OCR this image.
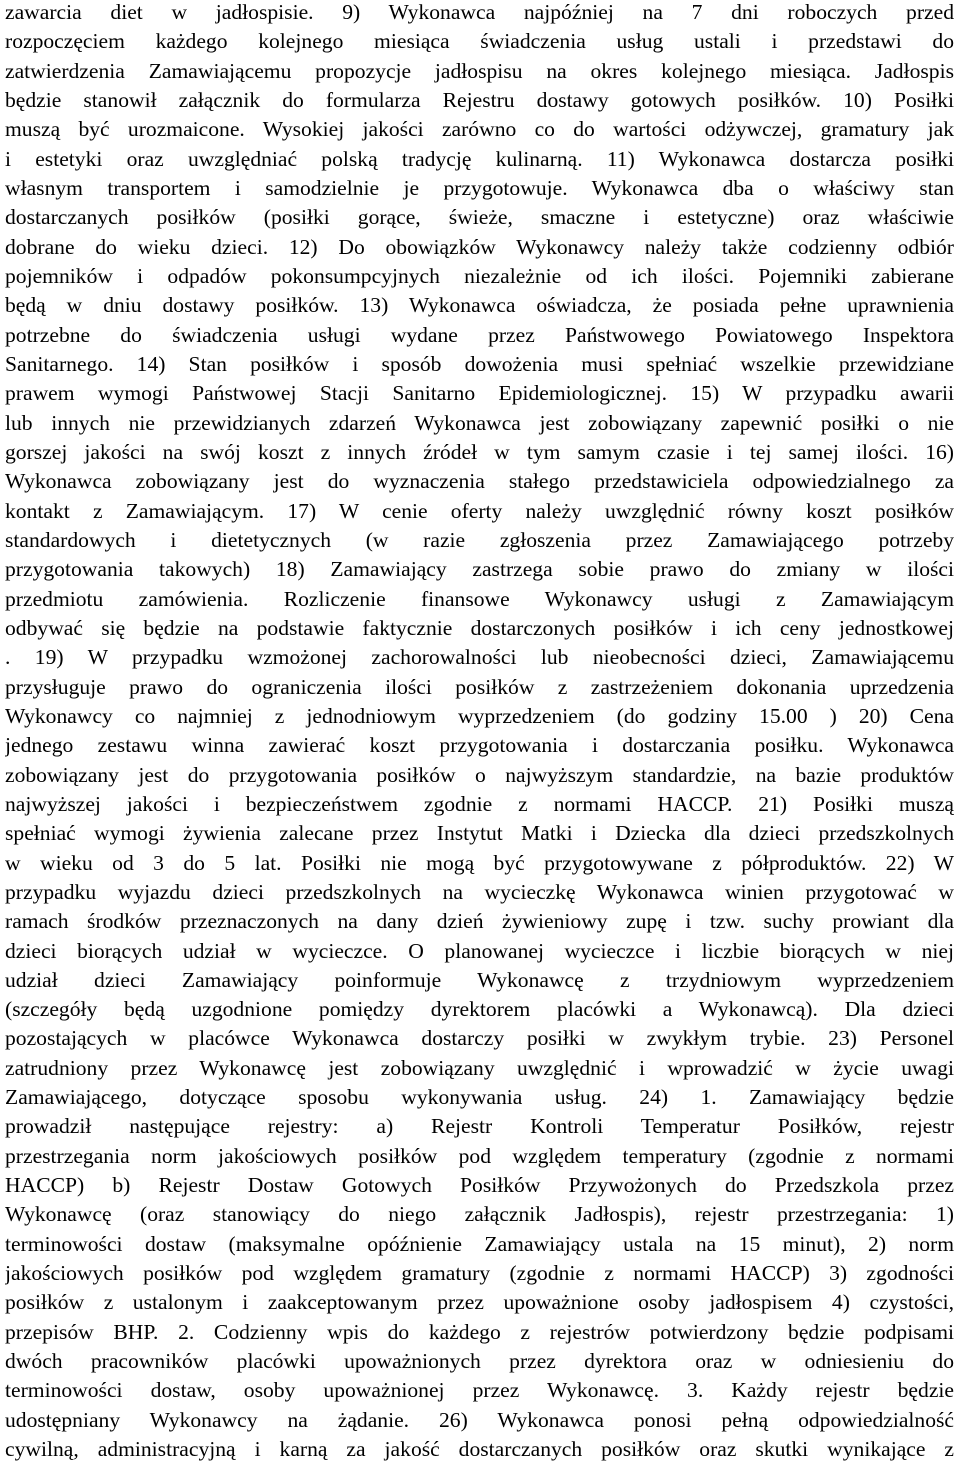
zawarcia diet w jadłospisie. 9) Wykonawca najpóźniej na 7 dni roboczych przed
rozpoczęciem każdego kolejnego miesiąca świadczenia usług ustali i przedstawi do
zatwierdzenia Zamawiającemu propozycje jadłospisu na okres kolejnego miesiąca. Jadłospis
będzie stanowił załącznik do formularza Rejestru dostawy gotowych posiłków. 10) Posiłki
muszą być urozmaicone. Wysokiej jakości zarówno co do wartości odżywczej, gramatury jak
i estetyki oraz uwzględniać polską tradycję kulinarną. 11) Wykonawca dostarcza posiłki
własnym transportem i samodzielnie je przygotowuje. Wykonawca dba o właściwy stan
dostarczanych posiłków (posiłki gorące, świeże, smaczne i estetyczne) oraz właściwie
dobrane do wieku dzieci. 12) Do obowiązków Wykonawcy należy także codzienny odbiór
pojemników i odpadów pokonsumpcyjnych niezależnie od ich ilości. Pojemniki zabierane
będą w dniu dostawy posiłków. 13) Wykonawca oświadcza, że posiada pełne uprawnienia
potrzebne do świadczenia usługi wydane przez Państwowego Powiatowego Inspektora
Sanitarnego. 14) Stan posiłków i sposób dowożenia musi spełniać wszelkie przewidziane
prawem wymogi Państwowej Stacji Sanitarno Epidemiologicznej. 15) W przypadku awarii
lub innych nie przewidzianych zdarzeń Wykonawca jest zobowiązany zapewnić posiłki o nie
gorszej jakości na swój koszt z innych źródeł w tym samym czasie i tej samej ilości. 16)
Wykonawca zobowiązany jest do wyznaczenia stałego przedstawiciela odpowiedzialnego za
kontakt z Zamawiającym. 17) W cenie oferty należy uwzględnić równy koszt posiłków
standardowych i dietetycznych (w razie zgłoszenia przez Zamawiającego potrzeby
przygotowania takowych) 18) Zamawiający zastrzega sobie prawo do zmiany w ilości
przedmiotu zamówienia. Rozliczenie finansowe Wykonawcy usługi z Zamawiającym
odbywać się będzie na podstawie faktycznie dostarczonych posiłków i ich ceny jednostkowej
. 19) W przypadku wzmożonej zachorowalności lub nieobecności dzieci, Zamawiającemu
przysługuje prawo do ograniczenia ilości posiłków z zastrzeżeniem dokonania uprzedzenia
Wykonawcy co najmniej z jednodniowym wyprzedzeniem (do godziny 15.00 ) 20) Cena
jednego zestawu winna zawierać koszt przygotowania i dostarczania posiłku. Wykonawca
zobowiązany jest do przygotowania posiłków o najwyższym standardzie, na bazie produktów
najwyższej jakości i bezpieczeństwem zgodnie z normami HACCP. 21) Posiłki muszą
spełniać wymogi żywienia zalecane przez Instytut Matki i Dziecka dla dzieci przedszkolnych
w wieku od 3 do 5 lat. Posiłki nie mogą być przygotowywane z półproduktów. 22) W
przypadku wyjazdu dzieci przedszkolnych na wycieczkę Wykonawca winien przygotować w
ramach środków przeznaczonych na dany dzień żywieniowy zupę i tzw. suchy prowiant dla
dzieci biorących udział w wycieczce. O planowanej wycieczce i liczbie biorących w niej
udział dzieci Zamawiający poinformuje Wykonawcę z trzydniowym wyprzedzeniem
(szczegóły będą uzgodnione pomiędzy dyrektorem placówki a Wykonawcą). Dla dzieci
pozostających w placówce Wykonawca dostarczy posiłki w zwykłym trybie. 23) Personel
zatrudniony przez Wykonawcę jest zobowiązany uwzględnić i wprowadzić w życie uwagi
Zamawiającego, dotyczące sposobu wykonywania usług. 24) 1. Zamawiający będzie
prowadził następujące rejestry: a) Rejestr Kontroli Temperatur Posiłków, rejestr
przestrzegania norm jakościowych posiłków pod względem temperatury (zgodnie z normami
HACCP) b) Rejestr Dostaw Gotowych Posiłków Przywożonych do Przedszkola przez
Wykonawcę (oraz stanowiący do niego załącznik Jadłospis), rejestr przestrzegania: 1)
terminowości dostaw (maksymalne opóźnienie Zamawiający ustala na 15 minut), 2) norm
jakościowych posiłków pod względem gramatury (zgodnie z normami HACCP) 3) zgodności
posiłków z ustalonym i zaakceptowanym przez upoważnione osoby jadłospisem 4) czystości,
przepisów BHP. 2. Codzienny wpis do każdego z rejestrów potwierdzony będzie podpisami
dwóch pracowników placówki upoważnionych przez dyrektora oraz w odniesieniu do
terminowości dostaw, osoby upoważnionej przez Wykonawcę. 3. Każdy rejestr będzie
udostępniany Wykonawcy na żądanie. 26) Wykonawca ponosi pełną odpowiedzialność
cywilną, administracyjną i karną za jakość dostarczanych posiłków oraz skutki wynikające z
